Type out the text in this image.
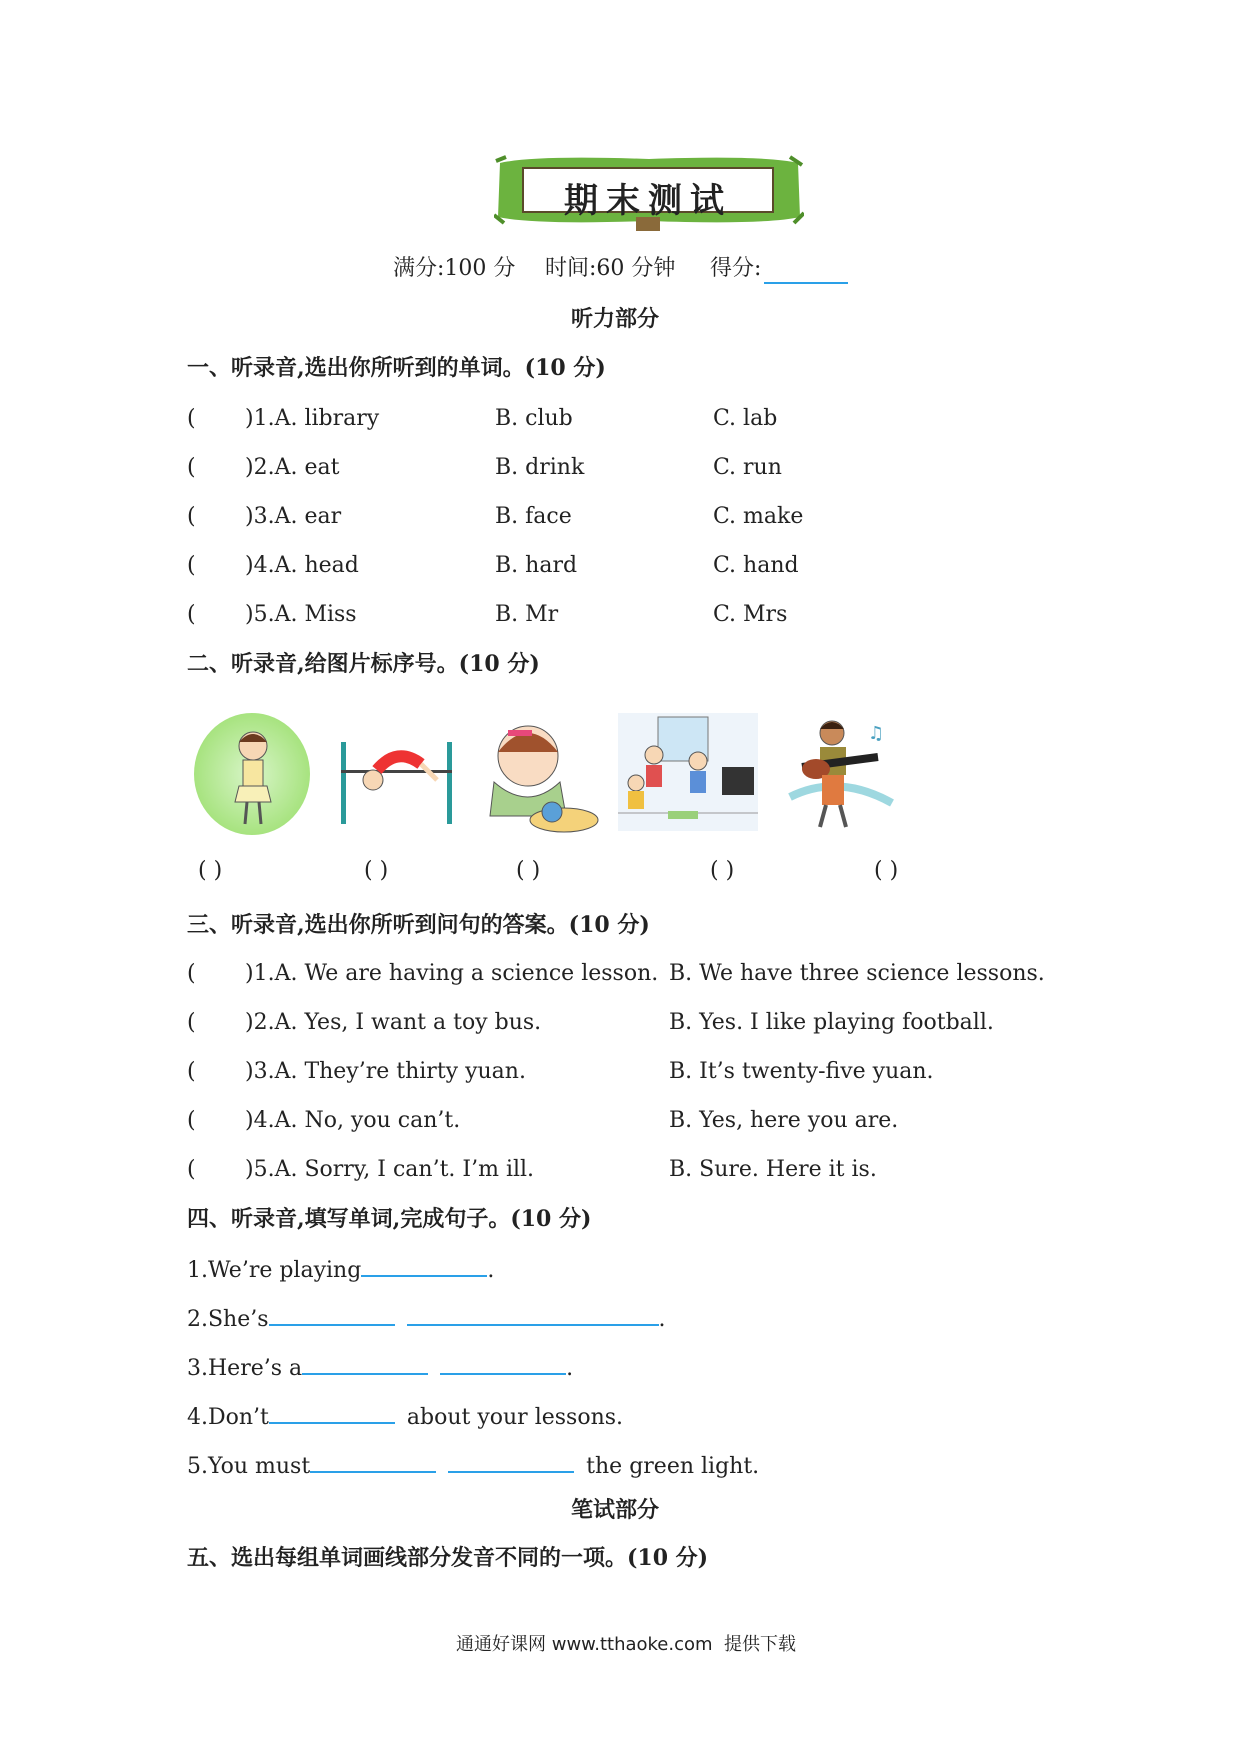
期末测试
满分:100 分 时间:60 分钟 得分:
听力部分
一、听录音,选出你所听到的单词。(10 分)
( )1.A. library	B. club	C. lab
( )2.A. eat	B. drink	C. run
( )3.A. ear	B. face	C. make
( )4.A. head	B. hard	C. hand
( )5.A. Miss	B. Mr	C. Mrs
二、听录音,给图片标序号。(10 分)
♫
( )	( )	( )	( )	( )
三、听录音,选出你所听到问句的答案。(10 分)
( )1.A. We are having a science lesson. B. We have three science lessons.
( )2.A. Yes, I want a toy bus.	B. Yes. I like playing football.
( )3.A. They’re thirty yuan.	B. It’s twenty-five yuan.
( )4.A. No, you can’t.	B. Yes, here you are.
( )5.A. Sorry, I can’t. I’m ill.	B. Sure. Here it is.
四、听录音,填写单词,完成句子。(10 分)
1.We’re playing	.
2.She’s	.
3.Here’s a	.
4.Don’t	about your lessons.
5.You must	the green light.
笔试部分
五、选出每组单词画线部分发音不同的一项。(10 分)
通通好课网 www.tthaoke.com  提供下载
